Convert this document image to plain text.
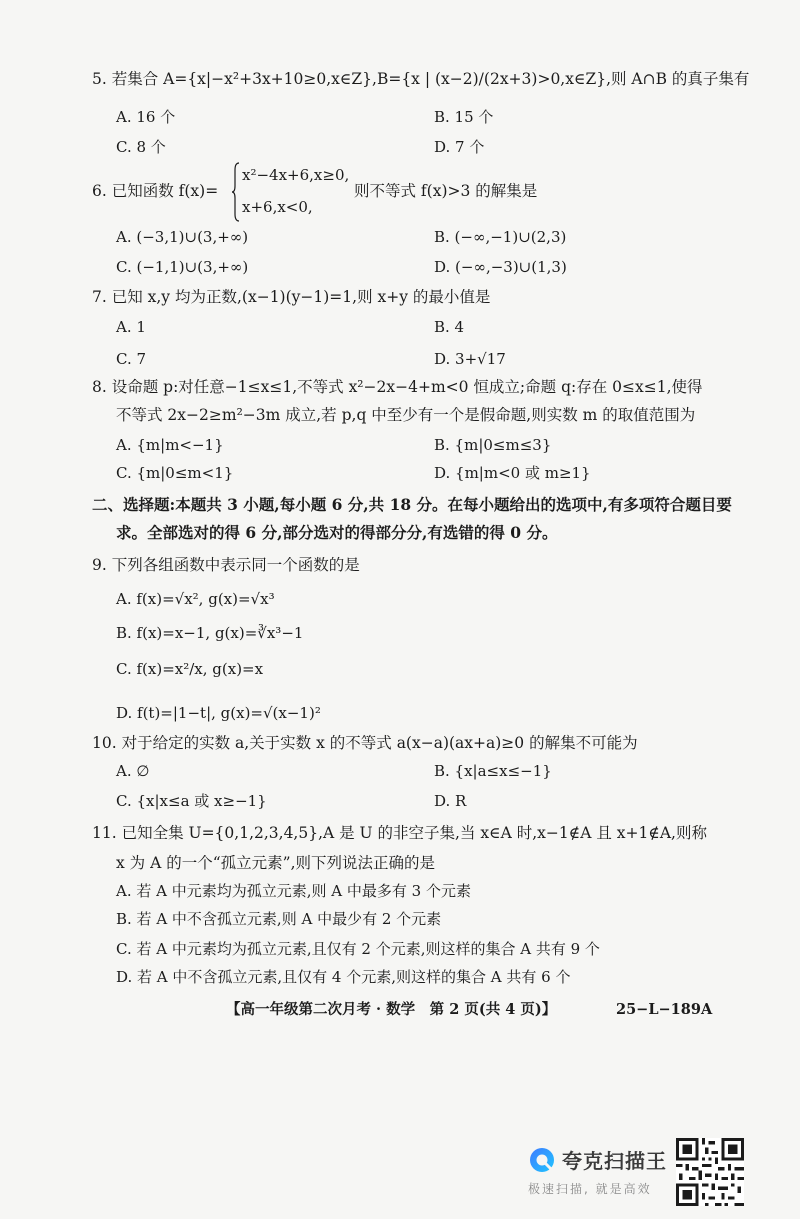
5. 若集合 A={x|−x²+3x+10≥0,x∈Z},B={x | (x−2)/(2x+3)>0,x∈Z},则 A∩B 的真子集有
A. 16 个	B. 15 个
C. 8 个	D. 7 个
6. 已知函数 f(x)=
x²−4x+6,x≥0,
x+6,x<0,
则不等式 f(x)>3 的解集是
A. (−3,1)∪(3,+∞)	B. (−∞,−1)∪(2,3)
C. (−1,1)∪(3,+∞)	D. (−∞,−3)∪(1,3)
7. 已知 x,y 均为正数,(x−1)(y−1)=1,则 x+y 的最小值是
A. 1	B. 4
C. 7	D. 3+√17
8. 设命题 p:对任意−1≤x≤1,不等式 x²−2x−4+m<0 恒成立;命题 q:存在 0≤x≤1,使得
不等式 2x−2≥m²−3m 成立,若 p,q 中至少有一个是假命题,则实数 m 的取值范围为
A. {m|m<−1}	B. {m|0≤m≤3}
C. {m|0≤m<1}	D. {m|m<0 或 m≥1}
二、选择题:本题共 3 小题,每小题 6 分,共 18 分。在每小题给出的选项中,有多项符合题目要
求。全部选对的得 6 分,部分选对的得部分分,有选错的得 0 分。
9. 下列各组函数中表示同一个函数的是
A. f(x)=√x², g(x)=√x³
B. f(x)=x−1, g(x)=∛x³−1
C. f(x)=x²/x, g(x)=x
D. f(t)=|1−t|, g(x)=√(x−1)²
10. 对于给定的实数 a,关于实数 x 的不等式 a(x−a)(ax+a)≥0 的解集不可能为
A. ∅	B. {x|a≤x≤−1}
C. {x|x≤a 或 x≥−1}	D. R
11. 已知全集 U={0,1,2,3,4,5},A 是 U 的非空子集,当 x∈A 时,x−1∉A 且 x+1∉A,则称
x 为 A 的一个“孤立元素”,则下列说法正确的是
A. 若 A 中元素均为孤立元素,则 A 中最多有 3 个元素
B. 若 A 中不含孤立元素,则 A 中最少有 2 个元素
C. 若 A 中元素均为孤立元素,且仅有 2 个元素,则这样的集合 A 共有 9 个
D. 若 A 中不含孤立元素,且仅有 4 个元素,则这样的集合 A 共有 6 个
【高一年级第二次月考 · 数学　第 2 页(共 4 页)】	25−L−189A
夸克扫描王
极速扫描, 就是高效
